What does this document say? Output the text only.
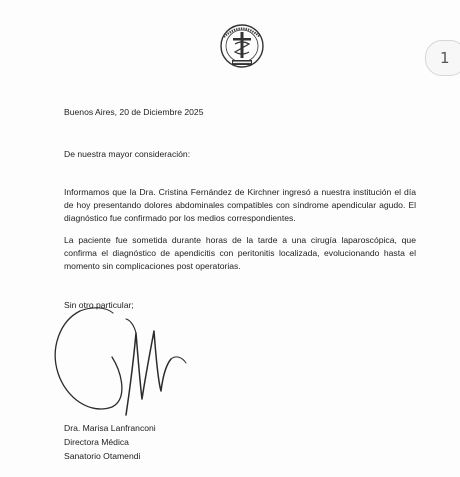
1
Buenos Aires, 20 de Diciembre 2025
De nuestra mayor consideración:
Informamos que la Dra. Cristina Fernández de Kirchner ingresó a nuestra institución el día de hoy presentando dolores abdominales compatibles con síndrome apendicular agudo. El diagnóstico fue confirmado por los medios correspondientes.
La paciente fue sometida durante horas de la tarde a una cirugía laparoscópica, que confirma el diagnóstico de apendicitis con peritonitis localizada, evolucionando hasta el momento sin complicaciones post operatorias.
Sin otro particular;
Dra. Marisa Lanfranconi
Directora Médica
Sanatorio Otamendi
